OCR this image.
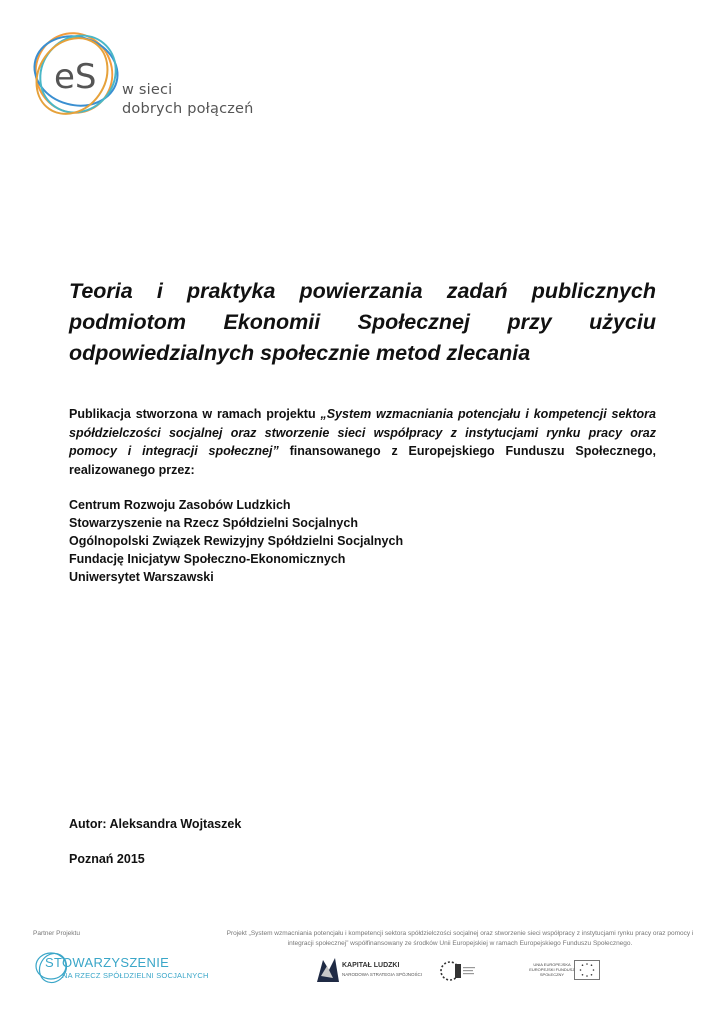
eS w sieci
dobrych połączeń
Teoria i praktyka powierzania zadań publicznych
podmiotom Ekonomii Społecznej przy użyciu
odpowiedzialnych społecznie metod zlecania

Publikacja stworzona w ramach projektu „System wzmacniania potencjału i kompetencji sektora spółdzielczości socjalnej oraz stworzenie sieci współpracy z instytucjami rynku pracy oraz pomocy i integracji społecznej” finansowanego z Europejskiego Funduszu Społecznego, realizowanego przez:

Centrum Rozwoju Zasobów Ludzkich
Stowarzyszenie na Rzecz Spółdzielni Socjalnych
Ogólnopolski Związek Rewizyjny Spółdzielni Socjalnych
Fundację Inicjatyw Społeczno-Ekonomicznych
Uniwersytet Warszawski
Autor: Aleksandra Wojtaszek
Poznań 2015
Partner Projektu	Projekt „System wzmacniania potencjału i kompetencji sektora spółdzielczości socjalnej oraz stworzenie sieci współpracy z instytucjami rynku pracy oraz pomocy i integracji społecznej” współfinansowany ze środków Unii Europejskiej w ramach Europejskiego Funduszu Społecznego.

STOWARZYSZENIE
NA RZECZ SPÓŁDZIELNI SOCJALNYCH
KAPITAŁ LUDZKI
NARODOWA STRATEGIA SPÓJNOŚCI
UNIA EUROPEJSKA EUROPEJSKI FUNDUSZ SPOŁECZNY
